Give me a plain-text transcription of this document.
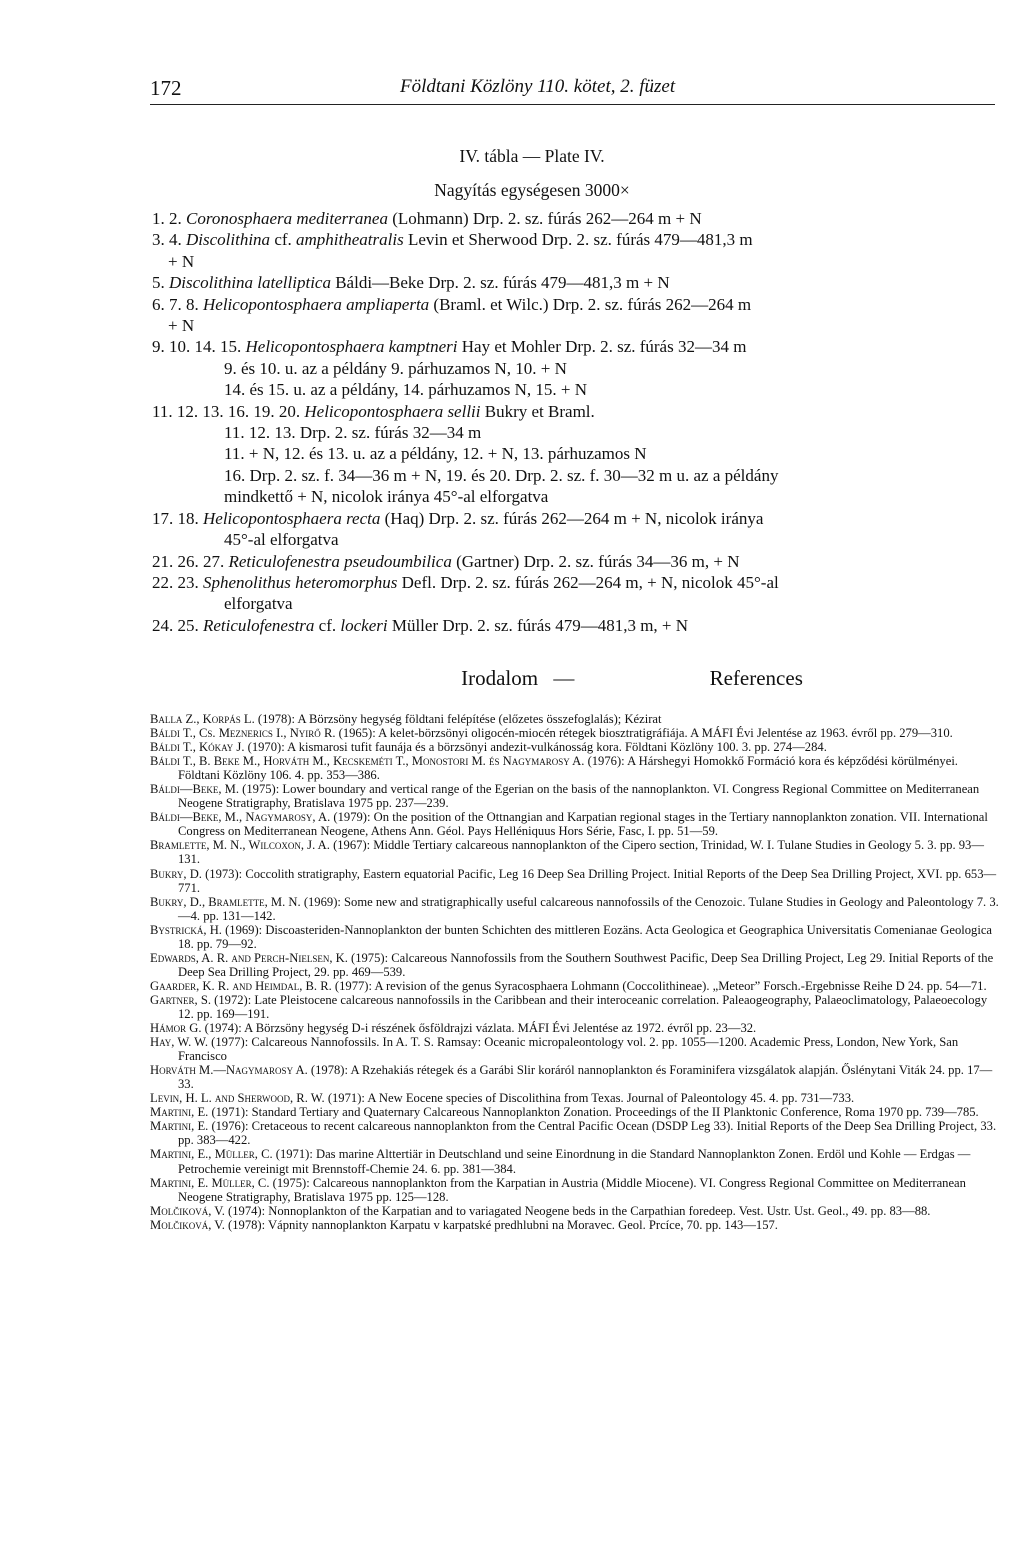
172	Földtani Közlöny 110. kötet, 2. füzet
IV. tábla — Plate IV.
Nagyítás egységesen 3000×
1. 2. Coronosphaera mediterranea (Lohmann) Drp. 2. sz. fúrás 262—264 m + N
3. 4. Discolithina cf. amphitheatralis Levin et Sherwood Drp. 2. sz. fúrás 479—481,3 m
+ N
5. Discolithina latelliptica Báldi—Beke Drp. 2. sz. fúrás 479—481,3 m + N
6. 7. 8. Helicopontosphaera ampliaperta (Braml. et Wilc.) Drp. 2. sz. fúrás 262—264 m
+ N
9. 10. 14. 15. Helicopontosphaera kamptneri Hay et Mohler Drp. 2. sz. fúrás 32—34 m
9. és 10. u. az a példány 9. párhuzamos N, 10. + N
14. és 15. u. az a példány, 14. párhuzamos N, 15. + N
11. 12. 13. 16. 19. 20. Helicopontosphaera sellii Bukry et Braml.
11. 12. 13. Drp. 2. sz. fúrás 32—34 m
11. + N, 12. és 13. u. az a példány, 12. + N, 13. párhuzamos N
16. Drp. 2. sz. f. 34—36 m + N, 19. és 20. Drp. 2. sz. f. 30—32 m u. az a példány
mindkettő + N, nicolok iránya 45°-al elforgatva
17. 18. Helicopontosphaera recta (Haq) Drp. 2. sz. fúrás 262—264 m + N, nicolok iránya
45°-al elforgatva
21. 26. 27. Reticulofenestra pseudoumbilica (Gartner) Drp. 2. sz. fúrás 34—36 m, + N
22. 23. Sphenolithus heteromorphus Defl. Drp. 2. sz. fúrás 262—264 m, + N, nicolok 45°-al
elforgatva
24. 25. Reticulofenestra cf. lockeri Müller Drp. 2. sz. fúrás 479—481,3 m, + N
Irodalom —	References
Balla Z., Korpás L. (1978): A Börzsöny hegység földtani felépítése (előzetes összefoglalás); Kézirat
Báldi T., Cs. Meznerics I., Nyirő R. (1965): A kelet-börzsönyi oligocén-miocén rétegek biosztratigráfiája. A MÁFI Évi Jelentése az 1963. évről pp. 279—310.
Báldi T., Kókay J. (1970): A kismarosi tufit faunája és a börzsönyi andezit-vulkánosság kora. Földtani Közlöny 100. 3. pp. 274—284.
Báldi T., B. Beke M., Horváth M., Kecskeméti T., Monostori M. és Nagymarosy A. (1976): A Hárshegyi Homokkő Formáció kora és képződési körülményei. Földtani Közlöny 106. 4. pp. 353—386.
Báldi—Beke, M. (1975): Lower boundary and vertical range of the Egerian on the basis of the nannoplankton. VI. Congress Regional Committee on Mediterranean Neogene Stratigraphy, Bratislava 1975 pp. 237—239.
Báldi—Beke, M., Nagymarosy, A. (1979): On the position of the Ottnangian and Karpatian regional stages in the Tertiary nannoplankton zonation. VII. International Congress on Mediterranean Neogene, Athens Ann. Géol. Pays Helléniquus Hors Série, Fasc, I. pp. 51—59.
Bramlette, M. N., Wilcoxon, J. A. (1967): Middle Tertiary calcareous nannoplankton of the Cipero section, Trinidad, W. I. Tulane Studies in Geology 5. 3. pp. 93—131.
Bukry, D. (1973): Coccolith stratigraphy, Eastern equatorial Pacific, Leg 16 Deep Sea Drilling Project. Initial Reports of the Deep Sea Drilling Project, XVI. pp. 653—771.
Bukry, D., Bramlette, M. N. (1969): Some new and stratigraphically useful calcareous nannofossils of the Cenozoic. Tulane Studies in Geology and Paleontology 7. 3.—4. pp. 131—142.
Bystrická, H. (1969): Discoasteriden-Nannoplankton der bunten Schichten des mittleren Eozäns. Acta Geologica et Geographica Universitatis Comenianae Geologica 18. pp. 79—92.
Edwards, A. R. and Perch-Nielsen, K. (1975): Calcareous Nannofossils from the Southern Southwest Pacific, Deep Sea Drilling Project, Leg 29. Initial Reports of the Deep Sea Drilling Project, 29. pp. 469—539.
Gaarder, K. R. and Heimdal, B. R. (1977): A revision of the genus Syracosphaera Lohmann (Coccolithineae). „Meteor” Forsch.-Ergebnisse Reihe D 24. pp. 54—71.
Gartner, S. (1972): Late Pleistocene calcareous nannofossils in the Caribbean and their interoceanic correlation. Paleaogeography, Palaeoclimatology, Palaeoecology 12. pp. 169—191.
Hámor G. (1974): A Börzsöny hegység D-i részének ősföldrajzi vázlata. MÁFI Évi Jelentése az 1972. évről pp. 23—32.
Hay, W. W. (1977): Calcareous Nannofossils. In A. T. S. Ramsay: Oceanic micropaleontology vol. 2. pp. 1055—1200. Academic Press, London, New York, San Francisco
Horváth M.—Nagymarosy A. (1978): A Rzehakiás rétegek és a Garábi Slir koráról nannoplankton és Foraminifera vizsgálatok alapján. Őslénytani Viták 24. pp. 17—33.
Levin, H. L. and Sherwood, R. W. (1971): A New Eocene species of Discolithina from Texas. Journal of Paleontology 45. 4. pp. 731—733.
Martini, E. (1971): Standard Tertiary and Quaternary Calcareous Nannoplankton Zonation. Proceedings of the II Planktonic Conference, Roma 1970 pp. 739—785.
Martini, E. (1976): Cretaceous to recent calcareous nannoplankton from the Central Pacific Ocean (DSDP Leg 33). Initial Reports of the Deep Sea Drilling Project, 33. pp. 383—422.
Martini, E., Müller, C. (1971): Das marine Alttertiär in Deutschland und seine Einordnung in die Standard Nannoplankton Zonen. Erdöl und Kohle — Erdgas — Petrochemie vereinigt mit Brennstoff-Chemie 24. 6. pp. 381—384.
Martini, E. Müller, C. (1975): Calcareous nannoplankton from the Karpatian in Austria (Middle Miocene). VI. Congress Regional Committee on Mediterranean Neogene Stratigraphy, Bratislava 1975 pp. 125—128.
Molčiková, V. (1974): Nonnoplankton of the Karpatian and to variagated Neogene beds in the Carpathian foredeep. Vest. Ustr. Ust. Geol., 49. pp. 83—88.
Molčiková, V. (1978): Vápnity nannoplankton Karpatu v karpatské predhlubni na Moravec. Geol. Prcíce, 70. pp. 143—157.
